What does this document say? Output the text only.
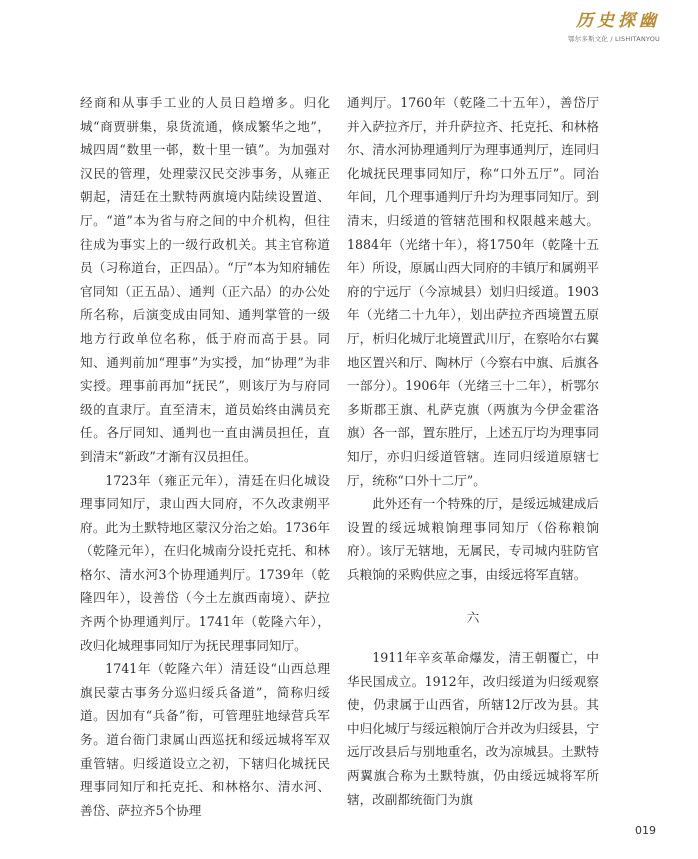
历史探幽
鄂尔多斯文化 / LISHITANYOU

经商和从事手工业的人员日趋增多。归化城“商贾骈集，泉货流通，倏成繁华之地”，城四周“数里一邨，数十里一镇”。为加强对汉民的管理，处理蒙汉民交涉事务，从雍正朝起，清廷在土默特两旗境内陆续设置道、厅。“道”本为省与府之间的中介机构，但往往成为事实上的一级行政机关。其主官称道员（习称道台，正四品）。“厅”本为知府辅佐官同知（正五品）、通判（正六品）的办公处所名称，后演变成由同知、通判掌管的一级地方行政单位名称，低于府而高于县。同知、通判前加“理事”为实授，加“协理”为非实授。理事前再加“抚民”，则该厅为与府同级的直隶厅。直至清末，道员始终由满员充任。各厅同知、通判也一直由满员担任，直到清末“新政”才渐有汉员担任。

1723年（雍正元年），清廷在归化城设理事同知厅，隶山西大同府，不久改隶朔平府。此为土默特地区蒙汉分治之始。1736年（乾隆元年），在归化城南分设托克托、和林格尔、清水河3个协理通判厅。1739年（乾隆四年），设善岱（今土左旗西南境）、萨拉齐两个协理通判厅。1741年（乾隆六年），改归化城理事同知厅为抚民理事同知厅。

1741年（乾隆六年）清廷设“山西总理旗民蒙古事务分巡归绥兵备道”，简称归绥道。因加有“兵备”衔，可管理驻地绿营兵军务。道台衙门隶属山西巡抚和绥远城将军双重管辖。归绥道设立之初，下辖归化城抚民理事同知厅和托克托、和林格尔、清水河、善岱、萨拉齐5个协理

通判厅。1760年（乾隆二十五年），善岱厅并入萨拉齐厅，并升萨拉齐、托克托、和林格尔、清水河协理通判厅为理事通判厅，连同归化城抚民理事同知厅，称“口外五厅”。同治年间，几个理事通判厅升均为理事同知厅。到清末，归绥道的管辖范围和权限越来越大。1884年（光绪十年），将1750年（乾隆十五年）所设，原属山西大同府的丰镇厅和属朔平府的宁远厅（今凉城县）划归归绥道。1903年（光绪二十九年），划出萨拉齐西境置五原厅，析归化城厅北境置武川厅，在察哈尔右翼地区置兴和厅、陶林厅（今察右中旗、后旗各一部分）。1906年（光绪三十二年），析鄂尔多斯郡王旗、札萨克旗（两旗为今伊金霍洛旗）各一部，置东胜厅，上述五厅均为理事同知厅，亦归归绥道管辖。连同归绥道原辖七厅，统称“口外十二厅”。

此外还有一个特殊的厅，是绥远城建成后设置的绥远城粮饷理事同知厅（俗称粮饷府）。该厅无辖地，无属民，专司城内驻防官兵粮饷的采购供应之事，由绥远将军直辖。

六

1911年辛亥革命爆发，清王朝覆亡，中华民国成立。1912年，改归绥道为归绥观察使，仍隶属于山西省，所辖12厅改为县。其中归化城厅与绥远粮饷厅合并改为归绥县，宁远厅改县后与别地重名，改为凉城县。土默特两翼旗合称为土默特旗，仍由绥远城将军所辖，改副都统衙门为旗

019
